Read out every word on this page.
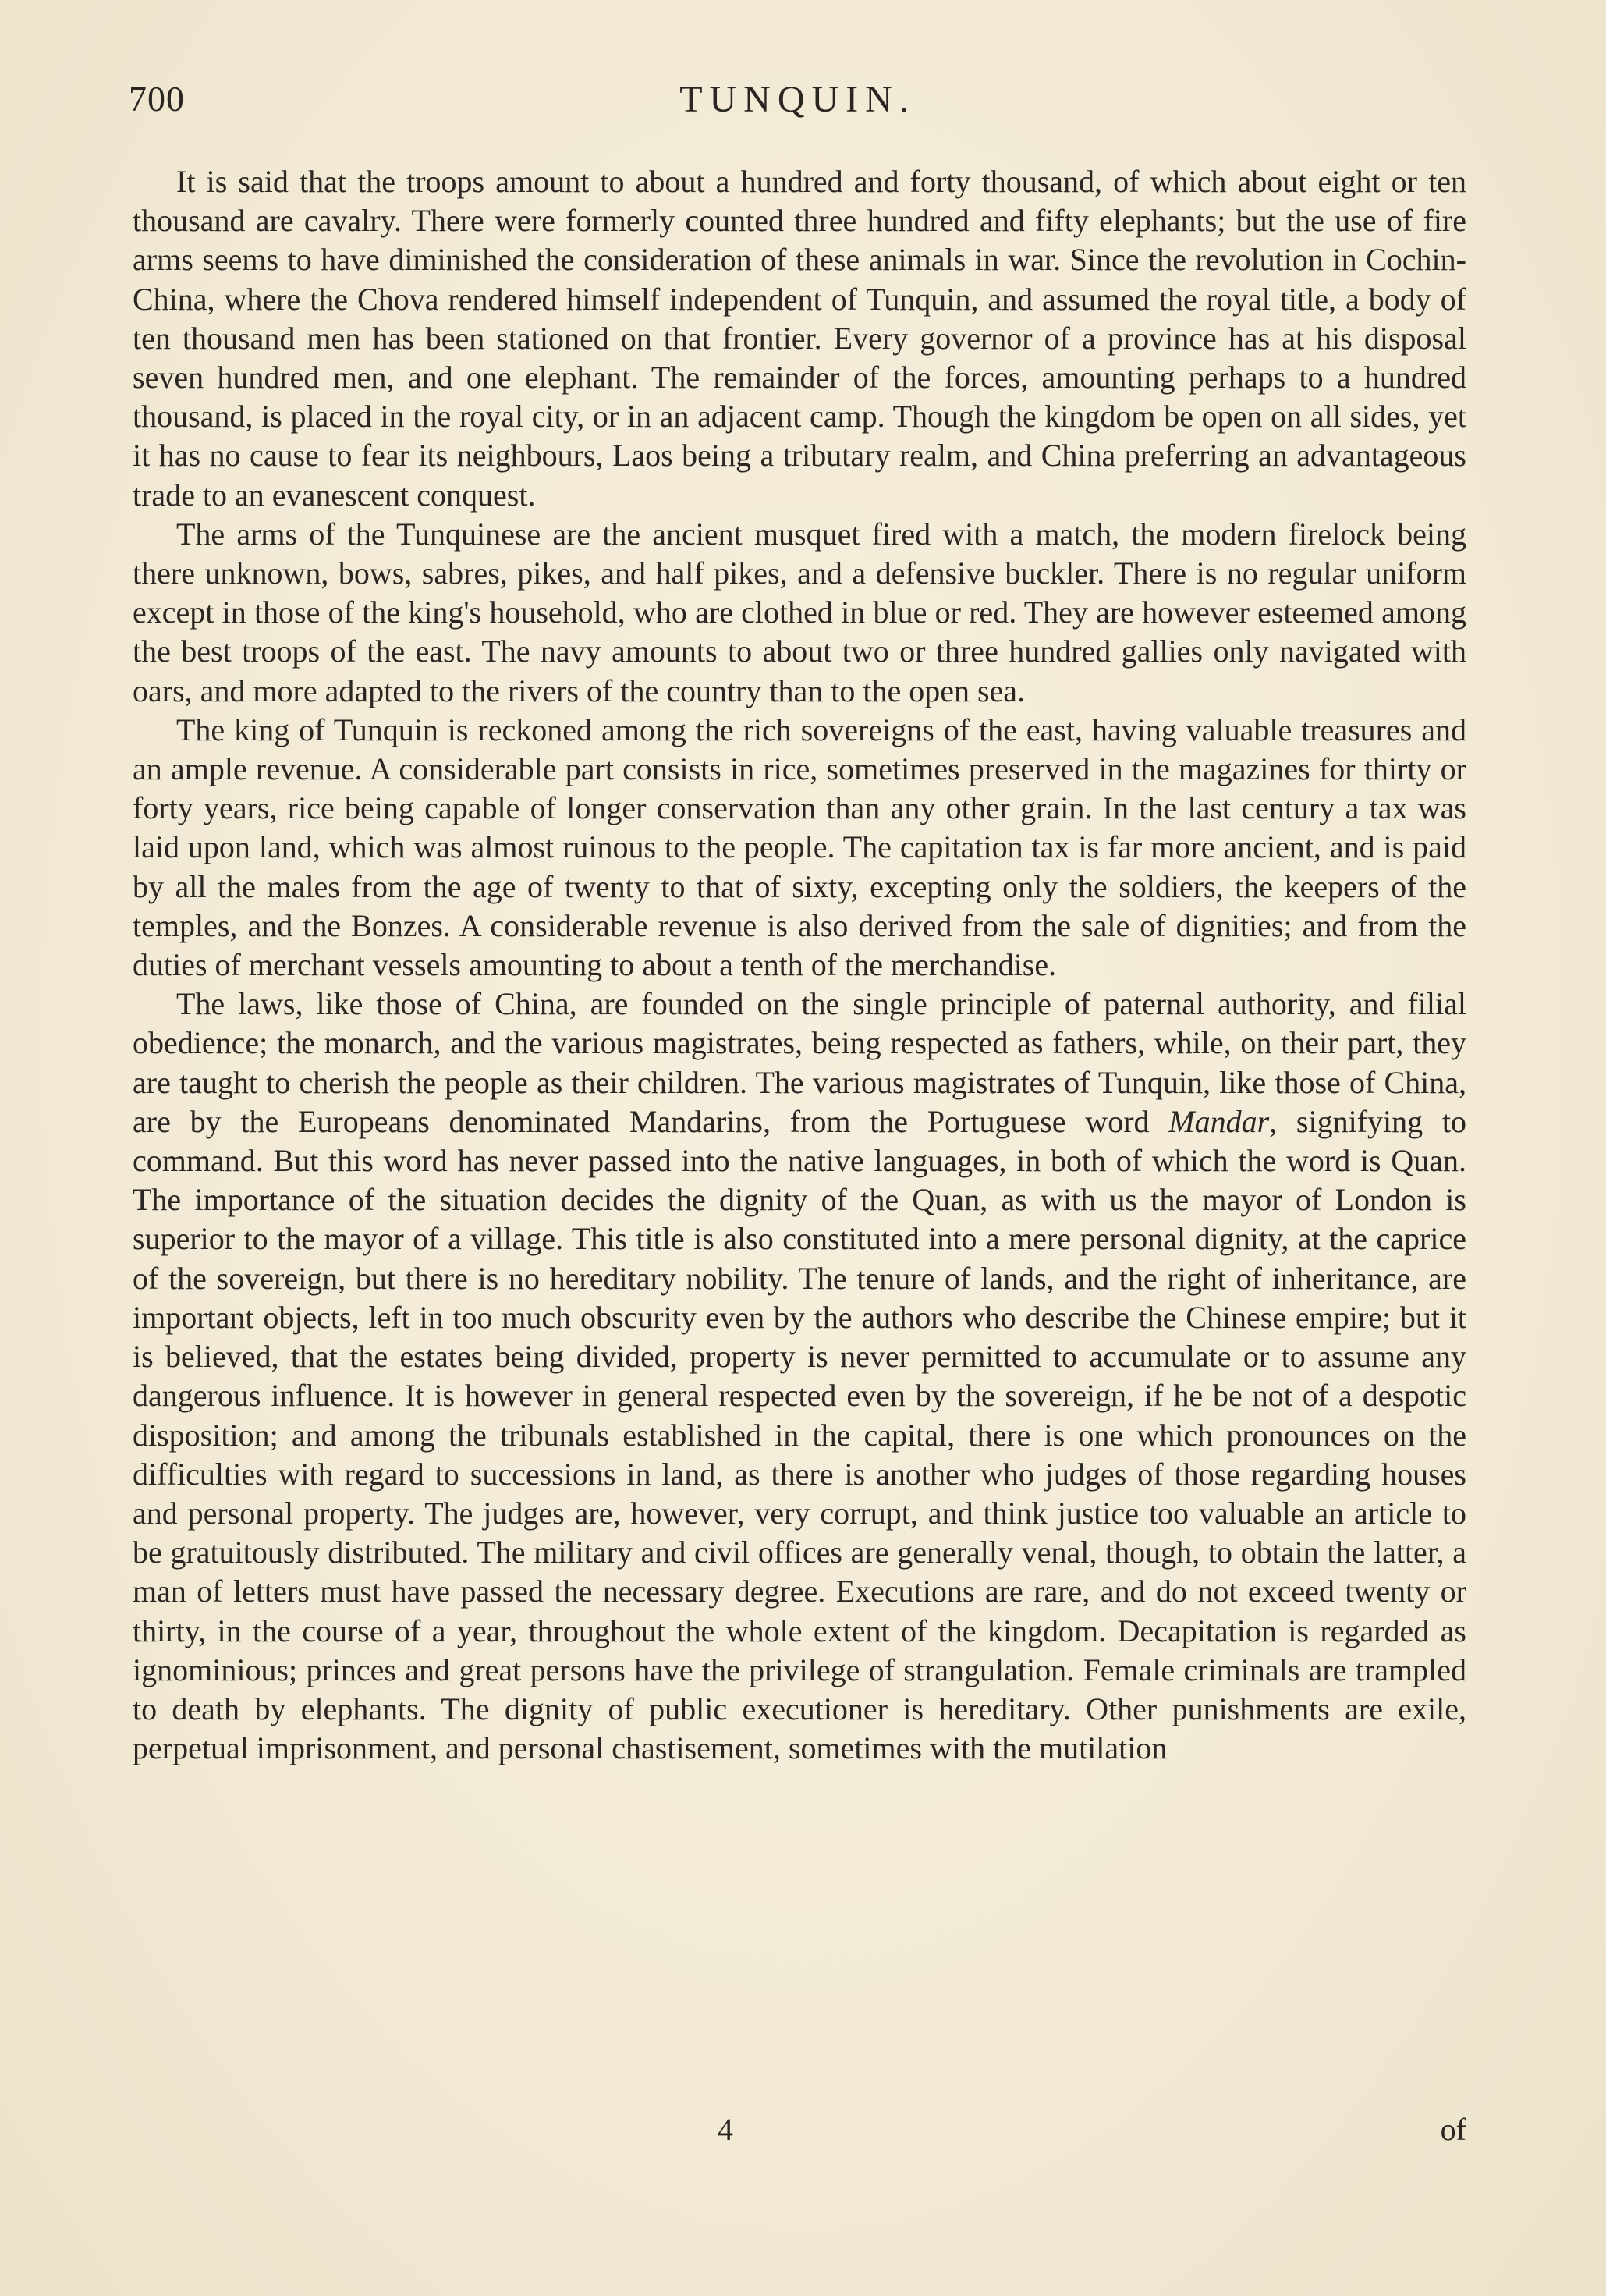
700	TUNQUIN.

It is said that the troops amount to about a hundred and forty thousand, of which about eight or ten thousand are cavalry. There were formerly counted three hundred and fifty elephants; but the use of fire arms seems to have diminished the consideration of these animals in war. Since the revolution in Cochin-China, where the Chova rendered himself independent of Tunquin, and assumed the royal title, a body of ten thousand men has been stationed on that frontier. Every governor of a province has at his disposal seven hundred men, and one elephant. The remainder of the forces, amounting perhaps to a hundred thousand, is placed in the royal city, or in an adjacent camp. Though the kingdom be open on all sides, yet it has no cause to fear its neighbours, Laos being a tributary realm, and China preferring an advantageous trade to an evanescent conquest.

The arms of the Tunquinese are the ancient musquet fired with a match, the modern firelock being there unknown, bows, sabres, pikes, and half pikes, and a defensive buckler. There is no regular uniform except in those of the king's household, who are clothed in blue or red. They are however esteemed among the best troops of the east. The navy amounts to about two or three hundred gallies only navigated with oars, and more adapted to the rivers of the country than to the open sea.

The king of Tunquin is reckoned among the rich sovereigns of the east, having valuable treasures and an ample revenue. A considerable part consists in rice, sometimes preserved in the magazines for thirty or forty years, rice being capable of longer conservation than any other grain. In the last century a tax was laid upon land, which was almost ruinous to the people. The capitation tax is far more ancient, and is paid by all the males from the age of twenty to that of sixty, excepting only the soldiers, the keepers of the temples, and the Bonzes. A considerable revenue is also derived from the sale of dignities; and from the duties of merchant vessels amounting to about a tenth of the merchandise.

The laws, like those of China, are founded on the single principle of paternal authority, and filial obedience; the monarch, and the various magistrates, being respected as fathers, while, on their part, they are taught to cherish the people as their children. The various magistrates of Tunquin, like those of China, are by the Europeans denominated Mandarins, from the Portuguese word Mandar, signifying to command. But this word has never passed into the native languages, in both of which the word is Quan. The importance of the situation decides the dignity of the Quan, as with us the mayor of London is superior to the mayor of a village. This title is also constituted into a mere personal dignity, at the caprice of the sovereign, but there is no hereditary nobility. The tenure of lands, and the right of inheritance, are important objects, left in too much obscurity even by the authors who describe the Chinese empire; but it is believed, that the estates being divided, property is never permitted to accumulate or to assume any dangerous influence. It is however in general respected even by the sovereign, if he be not of a despotic disposition; and among the tribunals established in the capital, there is one which pronounces on the difficulties with regard to successions in land, as there is another who judges of those regarding houses and personal property. The judges are, however, very corrupt, and think justice too valuable an article to be gratuitously distributed. The military and civil offices are generally venal, though, to obtain the latter, a man of letters must have passed the necessary degree. Executions are rare, and do not exceed twenty or thirty, in the course of a year, throughout the whole extent of the kingdom. Decapitation is regarded as ignominious; princes and great persons have the privilege of strangulation. Female criminals are trampled to death by elephants. The dignity of public executioner is hereditary. Other punishments are exile, perpetual imprisonment, and personal chastisement, sometimes with the mutilation

4	of
